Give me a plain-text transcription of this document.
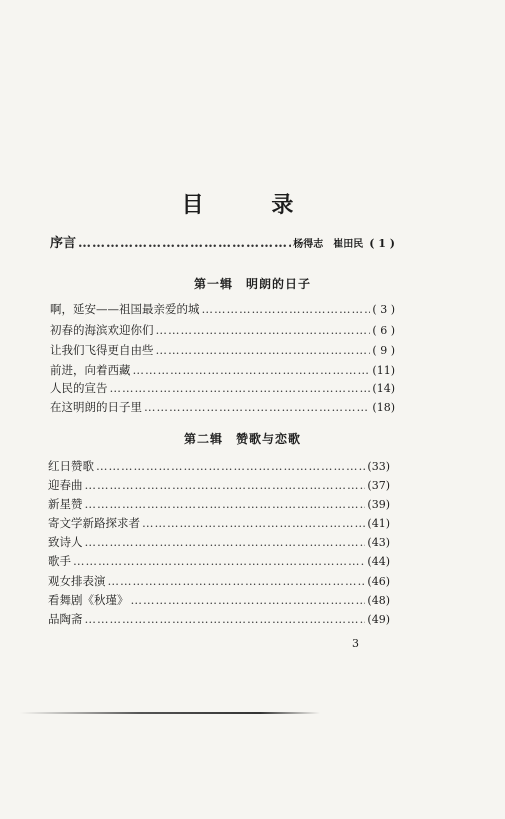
目 录
序言 ……………………………………………………………………………………………………………………………………………	杨得志　崔田民 ( 1 )
第一辑　明朗的日子
啊，延安——祖国最亲爱的城 ……………………………………………………………………………………………………………………………………………	( 3 )
初春的海滨欢迎你们 ……………………………………………………………………………………………………………………………………………	( 6 )
让我们飞得更自由些 ……………………………………………………………………………………………………………………………………………	( 9 )
前进，向着西藏 ……………………………………………………………………………………………………………………………………………	(11)
人民的宣告 ……………………………………………………………………………………………………………………………………………	(14)
在这明朗的日子里 ……………………………………………………………………………………………………………………………………………	(18)
第二辑　赞歌与恋歌
红日赞歌 ……………………………………………………………………………………………………………………………………………	(33)
迎春曲 ……………………………………………………………………………………………………………………………………………	(37)
新星赞 ……………………………………………………………………………………………………………………………………………	(39)
寄文学新路探求者 ……………………………………………………………………………………………………………………………………………	(41)
致诗人 ……………………………………………………………………………………………………………………………………………	(43)
歌手 ……………………………………………………………………………………………………………………………………………	(44)
观女排表演 ……………………………………………………………………………………………………………………………………………	(46)
看舞剧《秋瑾》 ……………………………………………………………………………………………………………………………………………	(48)
品陶斋 ……………………………………………………………………………………………………………………………………………	(49)
3
